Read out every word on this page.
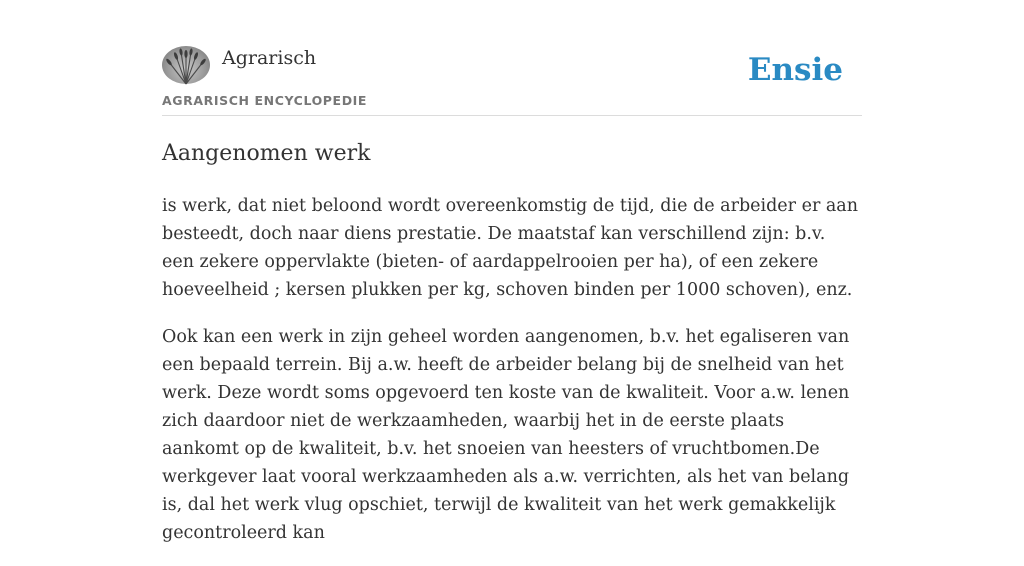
Agrarisch
AGRARISCH ENCYCLOPEDIE
Ensie
Aangenomen werk

is werk, dat niet beloond wordt overeenkomstig de tijd, die de arbeider er aan besteedt, doch naar diens prestatie. De maatstaf kan verschillend zijn: b.v. een zekere oppervlakte (bieten- of aardappelrooien per ha), of een zekere hoeveelheid ; kersen plukken per kg, schoven binden per 1000 schoven), enz.

Ook kan een werk in zijn geheel worden aangenomen, b.v. het egaliseren van een bepaald terrein. Bij a.w. heeft de arbeider belang bij de snelheid van het werk. Deze wordt soms opgevoerd ten koste van de kwaliteit. Voor a.w. lenen zich daardoor niet de werkzaamheden, waarbij het in de eerste plaats aankomt op de kwaliteit, b.v. het snoeien van heesters of vruchtbomen.De werkgever laat vooral werkzaamheden als a.w. verrichten, als het van belang is, dal het werk vlug opschiet, terwijl de kwaliteit van het werk gemakkelijk gecontroleerd kan
